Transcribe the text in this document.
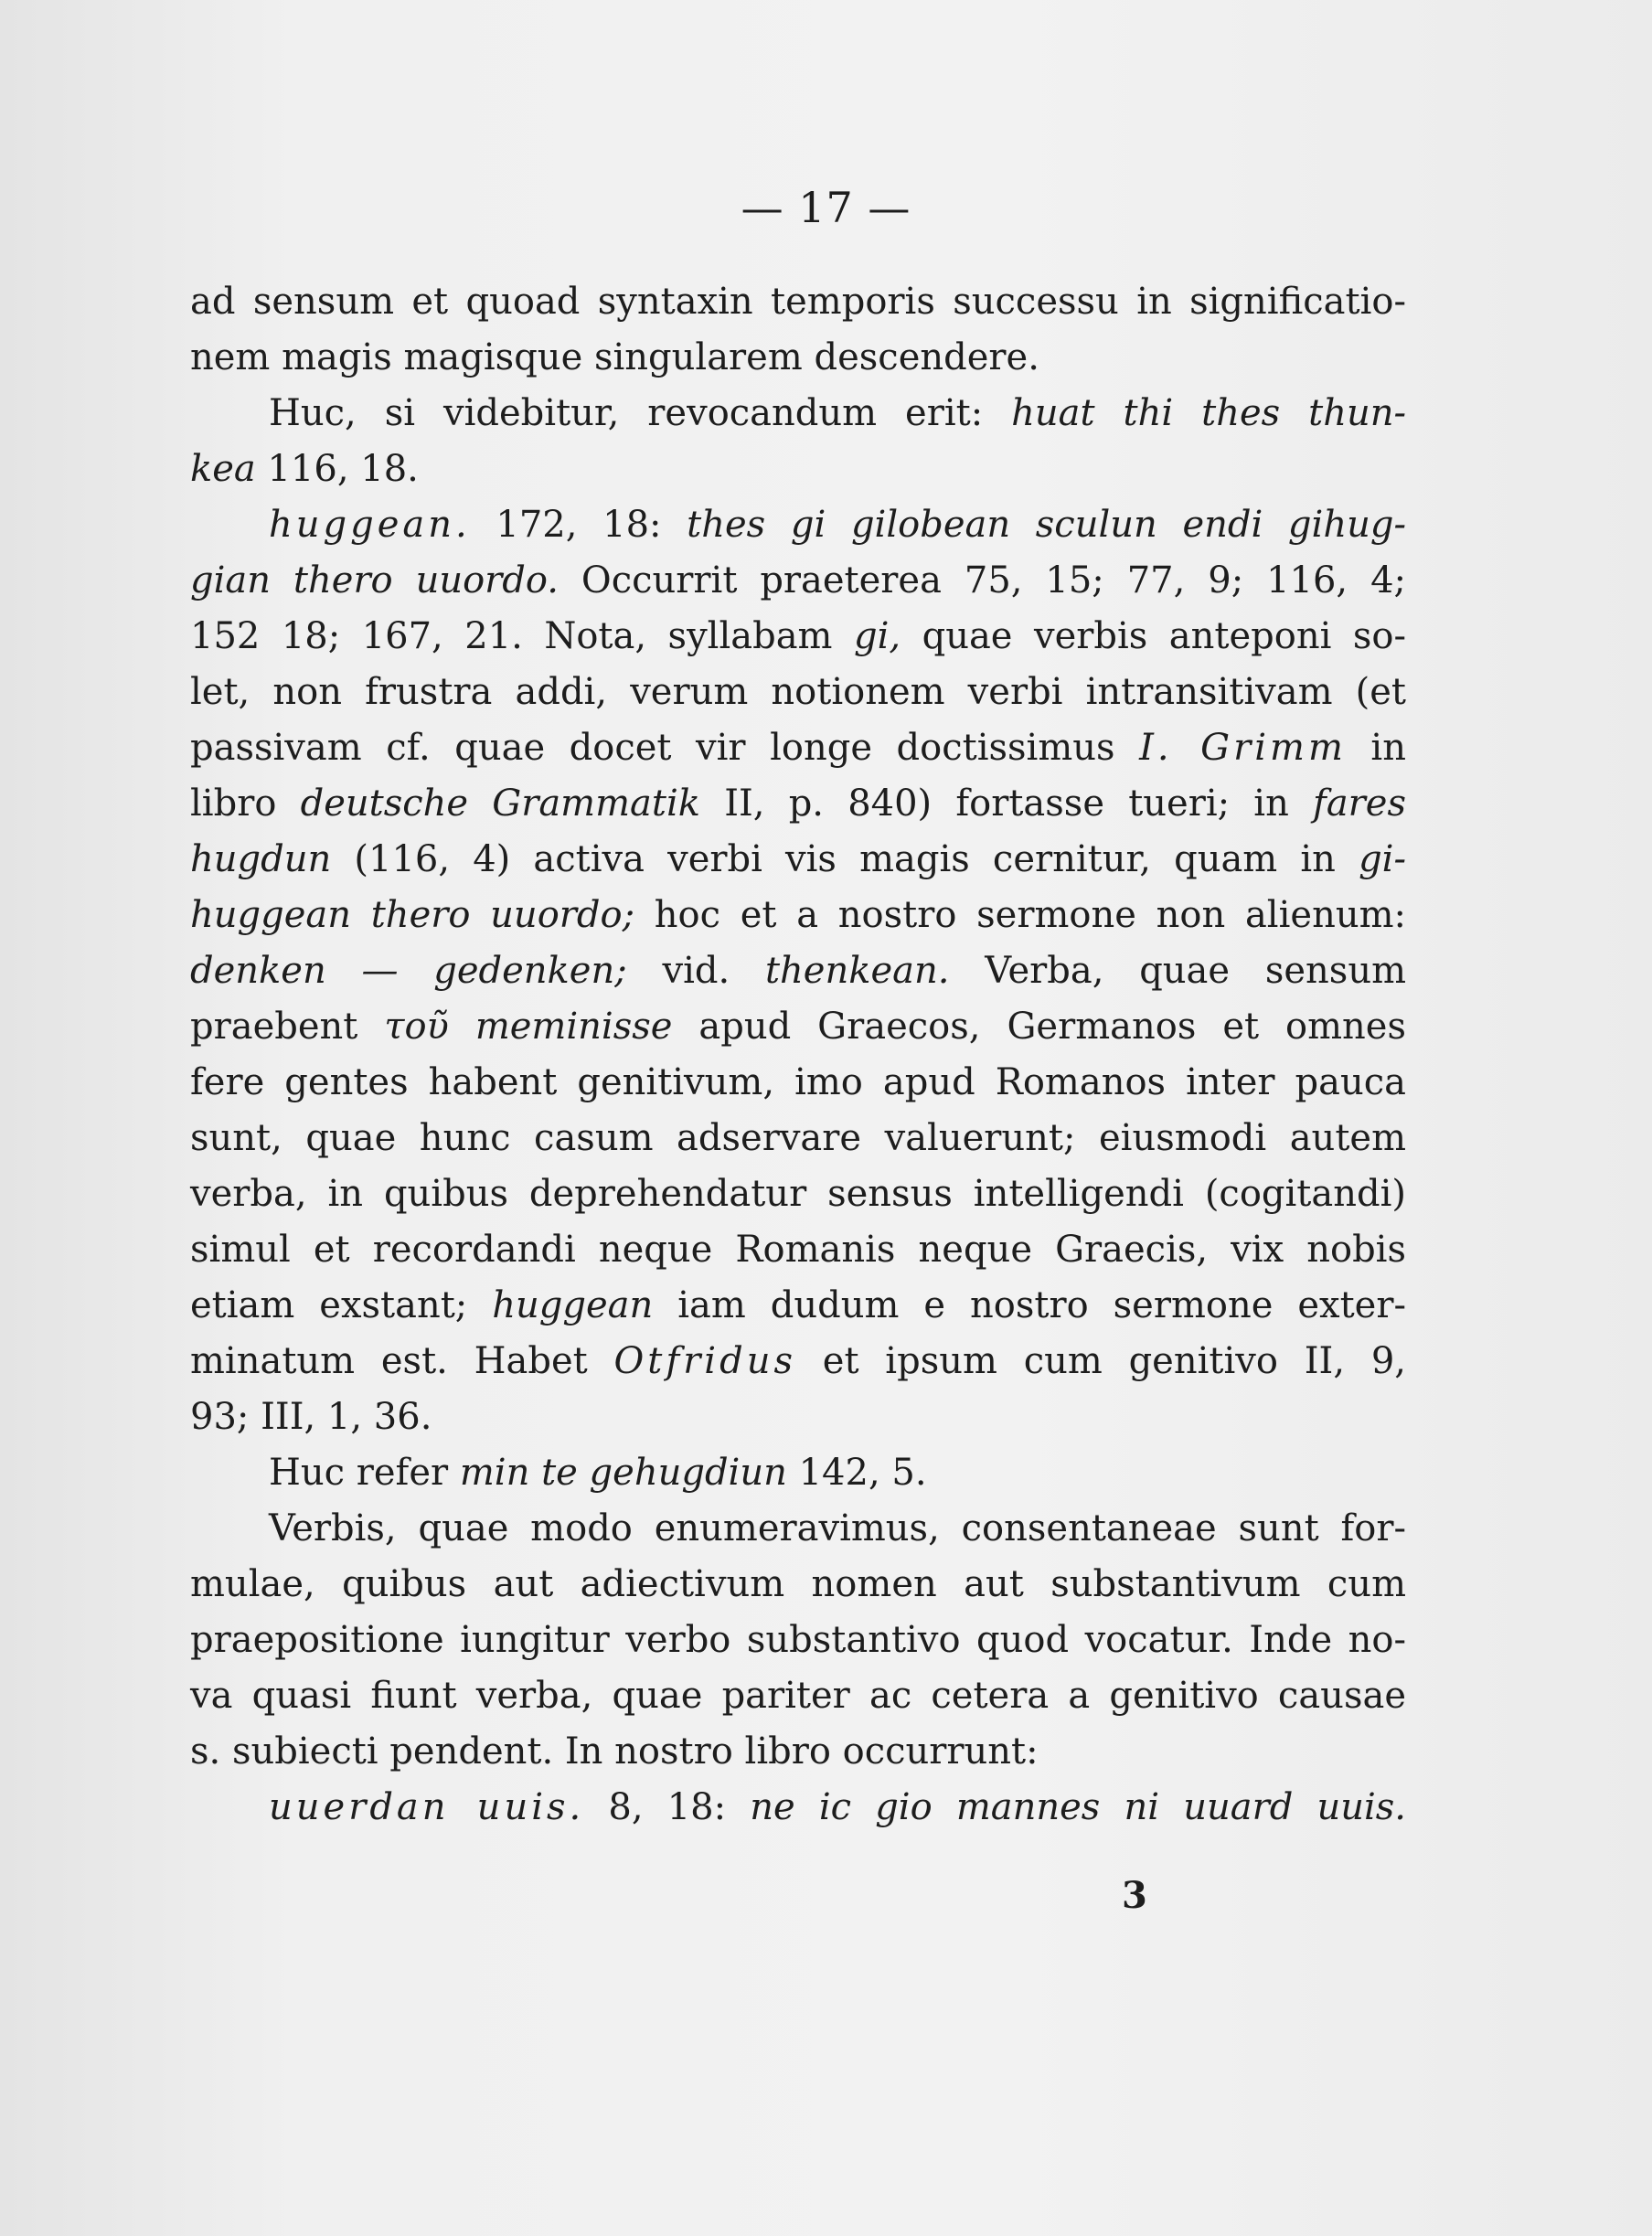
— 17 —
ad sensum et quoad syntaxin temporis successu in significatio-
nem magis magisque singularem descendere.
Huc, si videbitur, revocandum erit: huat thi thes thun-
kea 116, 18.
huggean. 172, 18: thes gi gilobean sculun endi gihug-
gian thero uuordo. Occurrit praeterea 75, 15; 77, 9; 116, 4;
152 18; 167, 21. Nota, syllabam gi, quae verbis anteponi so-
let, non frustra addi, verum notionem verbi intransitivam (et
passivam cf. quae docet vir longe doctissimus I. Grimm in
libro deutsche Grammatik II, p. 840) fortasse tueri; in fares
hugdun (116, 4) activa verbi vis magis cernitur, quam in gi-
huggean thero uuordo; hoc et a nostro sermone non alienum:
denken — gedenken; vid. thenkean. Verba, quae sensum
praebent τοῦ meminisse apud Graecos, Germanos et omnes
fere gentes habent genitivum, imo apud Romanos inter pauca
sunt, quae hunc casum adservare valuerunt; eiusmodi autem
verba, in quibus deprehendatur sensus intelligendi (cogitandi)
simul et recordandi neque Romanis neque Graecis, vix nobis
etiam exstant; huggean iam dudum e nostro sermone exter-
minatum est. Habet Otfridus et ipsum cum genitivo II, 9,
93; III, 1, 36.
Huc refer min te gehugdiun 142, 5.
Verbis, quae modo enumeravimus, consentaneae sunt for-
mulae, quibus aut adiectivum nomen aut substantivum cum
praepositione iungitur verbo substantivo quod vocatur. Inde no-
va quasi fiunt verba, quae pariter ac cetera a genitivo causae
s. subiecti pendent. In nostro libro occurrunt:
uuerdan uuis. 8, 18: ne ic gio mannes ni uuard uuis.
3
